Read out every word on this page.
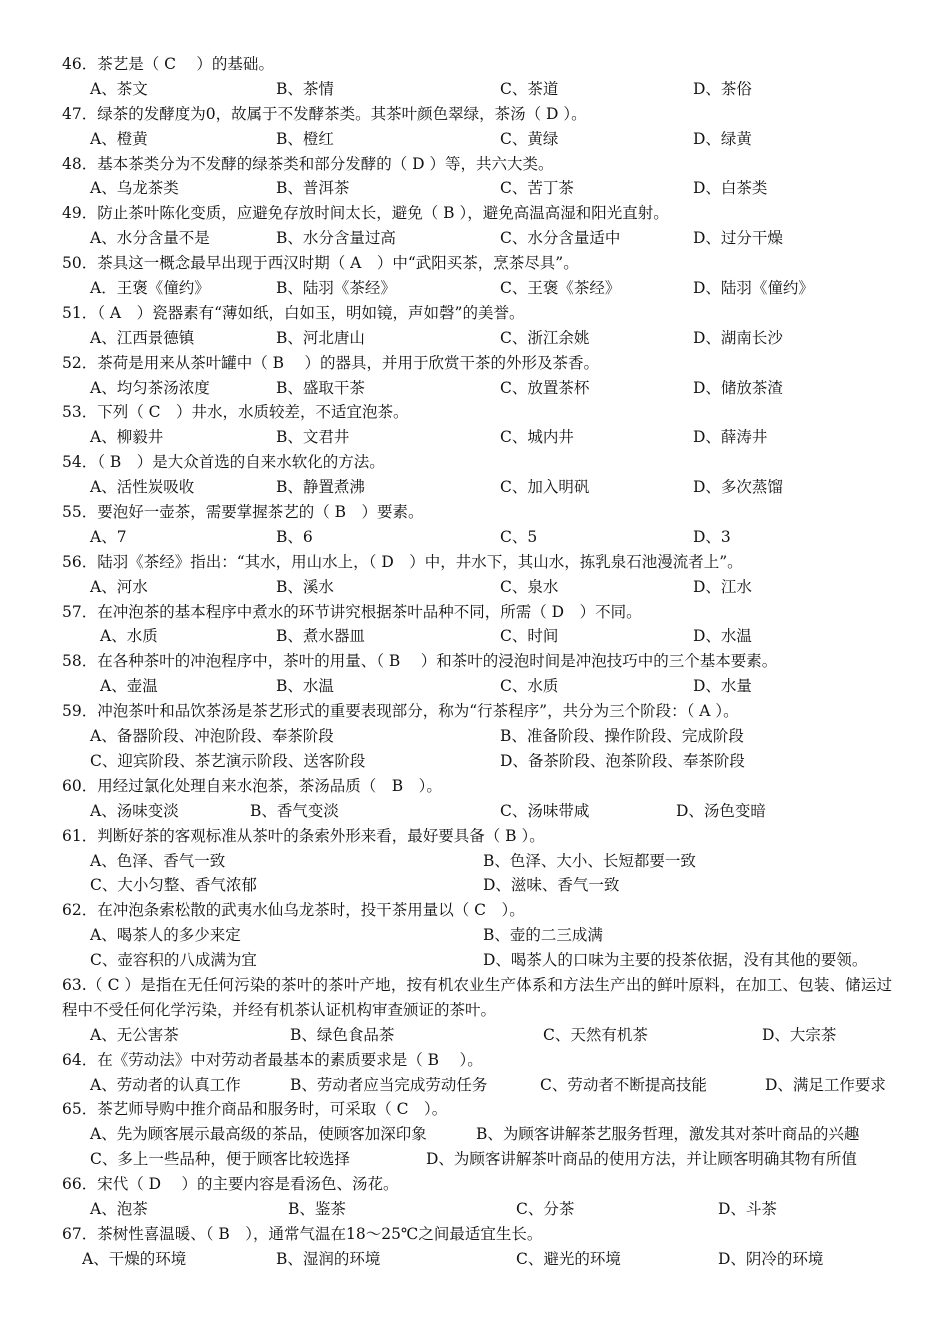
46．茶艺是（ C　 ）的基础。
A、茶文	B、茶情	C、茶道	D、茶俗
47．绿茶的发酵度为0，故属于不发酵茶类。其茶叶颜色翠绿，茶汤（ D ）。
A、橙黄	B、橙红	C、黄绿	D、绿黄
48．基本茶类分为不发酵的绿茶类和部分发酵的（ D ）等，共六大类。
A、乌龙茶类	B、普洱茶	C、苦丁茶	D、白茶类
49．防止茶叶陈化变质，应避免存放时间太长，避免（ B ），避免高温高湿和阳光直射。
A、水分含量不是	B、水分含量过高	C、水分含量适中	D、过分干燥
50．茶具这一概念最早出现于西汉时期（ A　）中“武阳买茶，烹茶尽具”。
A．王褒《僮约》	B、陆羽《茶经》	C、王褒《茶经》	D、陆羽《僮约》
51．（ A　）瓷器素有“薄如纸，白如玉，明如镜，声如磬”的美誉。
A、江西景德镇	B、河北唐山	C、浙江余姚	D、湖南长沙
52．茶荷是用来从茶叶罐中（ B　 ）的器具，并用于欣赏干茶的外形及茶香。
A、均匀茶汤浓度	B、盛取干茶	C、放置茶杯	D、储放茶渣
53．下列（ C　）井水，水质较差，不适宜泡茶。
A、柳毅井	B、文君井	C、城内井	D、薛涛井
54．（ B　）是大众首选的自来水软化的方法。
A、活性炭吸收	B、静置煮沸	C、加入明矾	D、多次蒸馏
55．要泡好一壶茶，需要掌握茶艺的（ B　）要素。
A、7	B、6	C、5	D、3
56．陆羽《茶经》指出：“其水，用山水上，（ D　）中，井水下，其山水，拣乳泉石池漫流者上”。
A、河水	B、溪水	C、泉水	D、江水
57．在冲泡茶的基本程序中煮水的环节讲究根据茶叶品种不同，所需（ D　）不同。
A、水质	B、煮水器皿	C、时间	D、水温
58．在各种茶叶的冲泡程序中，茶叶的用量、（ B　 ）和茶叶的浸泡时间是冲泡技巧中的三个基本要素。
A、壶温	B、水温	C、水质	D、水量
59．冲泡茶叶和品饮茶汤是茶艺形式的重要表现部分，称为“行茶程序”，共分为三个阶段：（ A ）。
A、备器阶段、冲泡阶段、奉茶阶段	B、准备阶段、操作阶段、完成阶段
C、迎宾阶段、茶艺演示阶段、送客阶段	D、备茶阶段、泡茶阶段、奉茶阶段
60．用经过氯化处理自来水泡茶，茶汤品质（　B　）。
A、汤味变淡	B、香气变淡	C、汤味带咸	D、汤色变暗
61．判断好茶的客观标准从茶叶的条索外形来看，最好要具备（ B ）。
A、色泽、香气一致	B、色泽、大小、长短都要一致
C、大小匀整、香气浓郁	D、滋味、香气一致
62．在冲泡条索松散的武夷水仙乌龙茶时，投干茶用量以（ C　）。
A、喝茶人的多少来定	B、壶的二三成满
C、壶容积的八成满为宜	D、喝茶人的口味为主要的投茶依据，没有其他的要领。
63.（ C ）是指在无任何污染的茶叶的茶叶产地，按有机农业生产体系和方法生产出的鲜叶原料，在加工、包装、储运过程中不受任何化学污染，并经有机茶认证机构审查颁证的茶叶。
A、无公害茶	B、绿色食品茶	C、天然有机茶	D、大宗茶
64．在《劳动法》中对劳动者最基本的素质要求是（ B　 ）。
A、劳动者的认真工作	B、劳动者应当完成劳动任务	C、劳动者不断提高技能	D、满足工作要求
65．茶艺师导购中推介商品和服务时，可采取（ C　）。
A、先为顾客展示最高级的茶品，使顾客加深印象	B、为顾客讲解茶艺服务哲理，激发其对茶叶商品的兴趣
C、多上一些品种，便于顾客比较选择	D、为顾客讲解茶叶商品的使用方法，并让顾客明确其物有所值
66．宋代（ D　 ）的主要内容是看汤色、汤花。
A、泡茶	B、鉴茶	C、分茶	D、斗茶
67．茶树性喜温暖、（ B　），通常气温在18～25℃之间最适宜生长。
A、干燥的环境	B、湿润的环境	C、避光的环境	D、阴冷的环境
